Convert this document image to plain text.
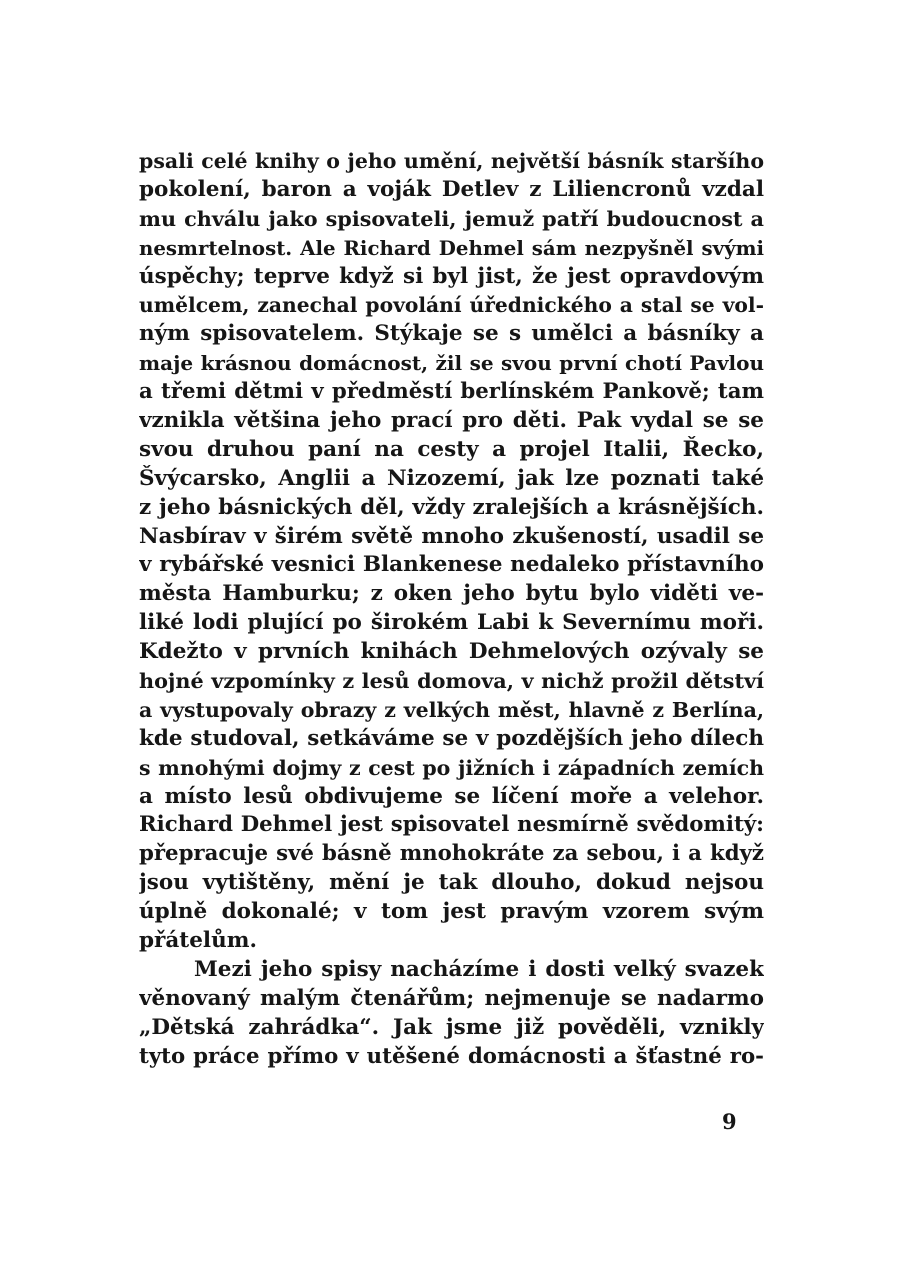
psali celé knihy o jeho umění, největší básník staršího
pokolení, baron a voják Detlev z Liliencronů vzdal
mu chválu jako spisovateli, jemuž patří budoucnost a
nesmrtelnost. Ale Richard Dehmel sám nezpyšněl svými
úspěchy; teprve když si byl jist, že jest opravdovým
umělcem, zanechal povolání úřednického a stal se vol-
ným spisovatelem. Stýkaje se s umělci a básníky a
maje krásnou domácnost, žil se svou první chotí Pavlou
a třemi dětmi v předměstí berlínském Pankově; tam
vznikla většina jeho prací pro děti. Pak vydal se se
svou druhou paní na cesty a projel Italii, Řecko,
Švýcarsko, Anglii a Nizozemí, jak lze poznati také
z jeho básnických děl, vždy zralejších a krásnějších.
Nasbírav v širém světě mnoho zkušeností, usadil se
v rybářské vesnici Blankenese nedaleko přístavního
města Hamburku; z oken jeho bytu bylo viděti ve-
liké lodi plující po širokém Labi k Severnímu moři.
Kdežto v prvních knihách Dehmelových ozývaly se
hojné vzpomínky z lesů domova, v nichž prožil dětství
a vystupovaly obrazy z velkých měst, hlavně z Berlína,
kde studoval, setkáváme se v pozdějších jeho dílech
s mnohými dojmy z cest po jižních i západních zemích
a místo lesů obdivujeme se líčení moře a velehor.
Richard Dehmel jest spisovatel nesmírně svědomitý:
přepracuje své básně mnohokráte za sebou, i a když
jsou vytištěny, mění je tak dlouho, dokud nejsou
úplně dokonalé; v tom jest pravým vzorem svým
přátelům.
Mezi jeho spisy nacházíme i dosti velký svazek
věnovaný malým čtenářům; nejmenuje se nadarmo
„Dětská zahrádka“. Jak jsme již pověděli, vznikly
tyto práce přímo v utěšené domácnosti a šťastné ro-
9
